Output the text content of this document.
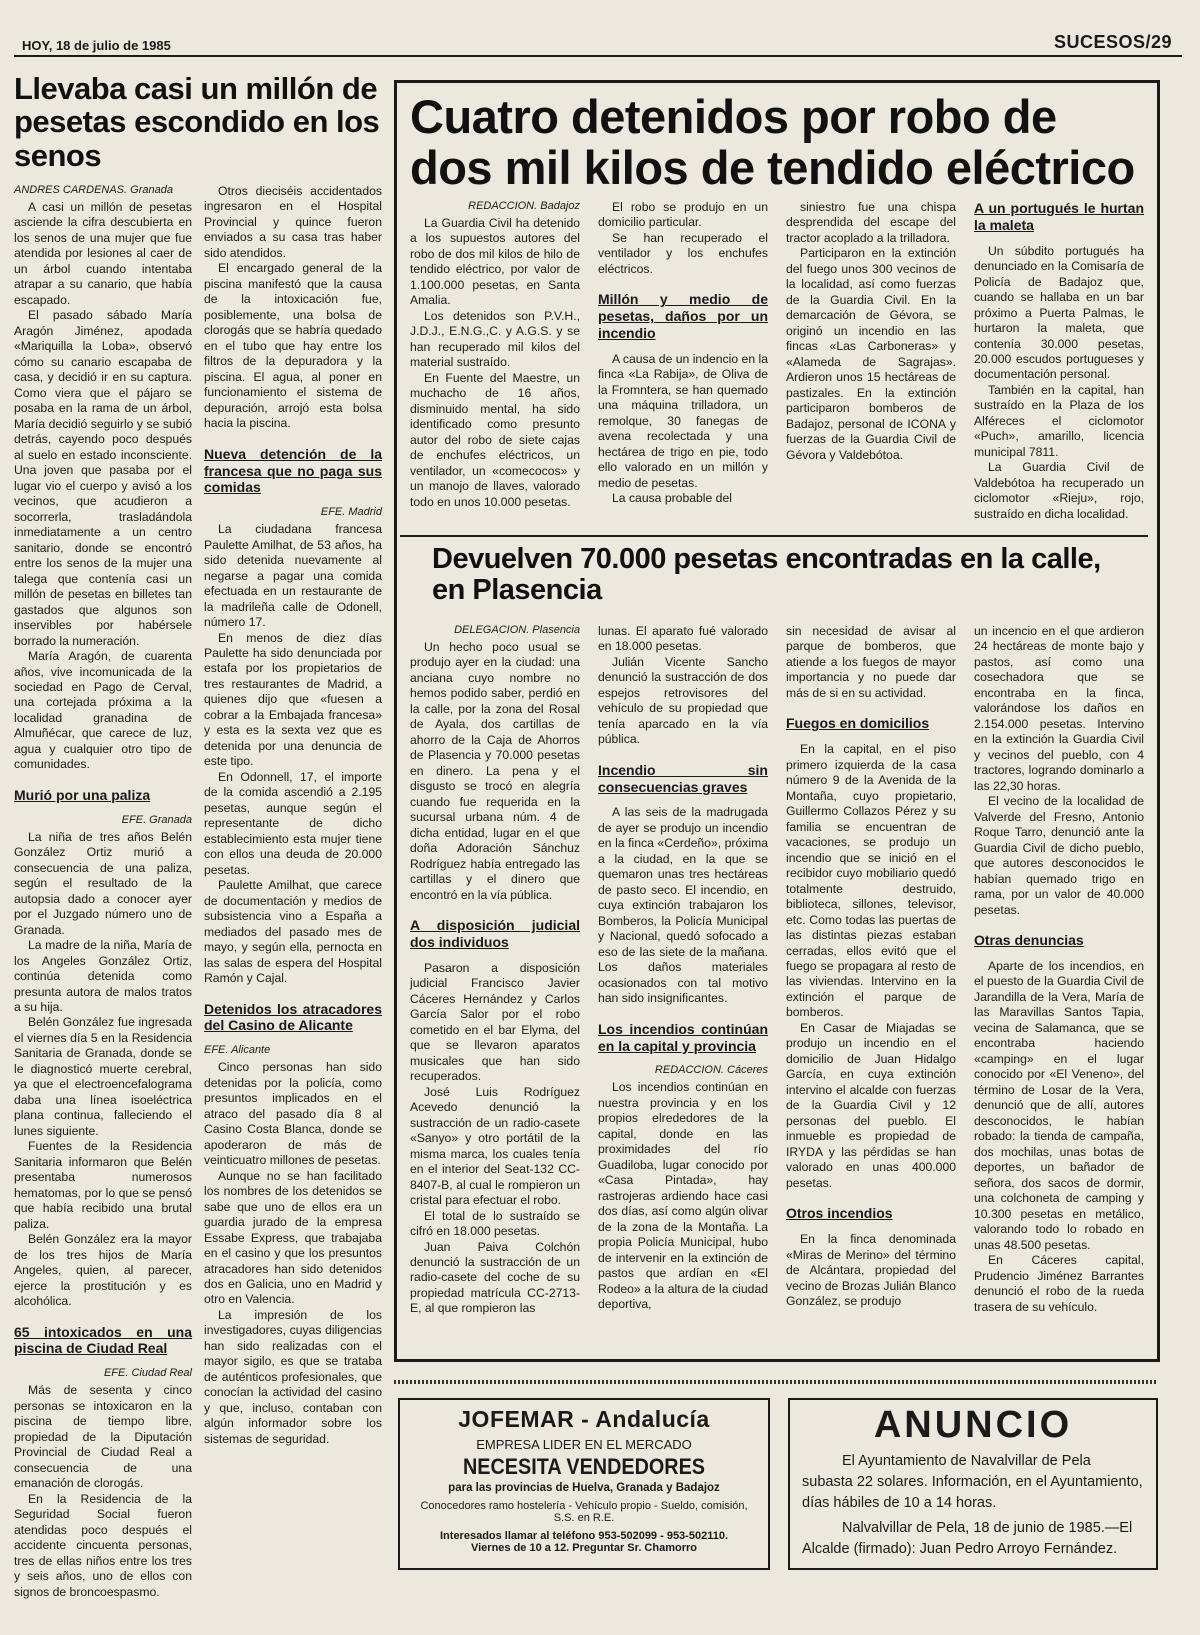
HOY, 18 de julio de 1985	SUCESOS/29
Llevaba casi un millón de pesetas escondido en los senos
ANDRES CARDENAS. Granada

A casi un millón de pesetas asciende la cifra descubierta en los senos de una mujer que fue atendida por lesiones al caer de un árbol cuando intentaba atrapar a su canario, que había escapado.

El pasado sábado María Aragón Jiménez, apodada «Mariquilla la Loba», observó cómo su canario escapaba de casa, y decidió ir en su captura. Como viera que el pájaro se posaba en la rama de un árbol, María decidió seguirlo y se subió detrás, cayendo poco después al suelo en estado inconsciente. Una joven que pasaba por el lugar vio el cuerpo y avisó a los vecinos, que acudieron a socorrerla, trasladándola inmediatamente a un centro sanitario, donde se encontró entre los senos de la mujer una talega que contenía casi un millón de pesetas en billetes tan gastados que algunos son inservibles por habérsele borrado la numeración.

María Aragón, de cuarenta años, vive incomunicada de la sociedad en Pago de Cerval, una cortejada próxima a la localidad granadina de Almuñécar, que carece de luz, agua y cualquier otro tipo de comunidades.

Murió por una paliza
EFE. Granada

La niña de tres años Belén González Ortiz murió a consecuencia de una paliza, según el resultado de la autopsia dado a conocer ayer por el Juzgado número uno de Granada.

La madre de la niña, María de los Angeles González Ortiz, continúa detenida como presunta autora de malos tratos a su hija.

Belén González fue ingresada el viernes día 5 en la Residencia Sanitaria de Granada, donde se le diagnosticó muerte cerebral, ya que el electroencefalograma daba una línea isoeléctrica plana continua, falleciendo el lunes siguiente.

Fuentes de la Residencia Sanitaria informaron que Belén presentaba numerosos hematomas, por lo que se pensó que había recibido una brutal paliza.

Belén González era la mayor de los tres hijos de María Angeles, quien, al parecer, ejerce la prostitución y es alcohólica.

65 intoxicados en una piscina de Ciudad Real
EFE. Ciudad Real

Más de sesenta y cinco personas se intoxicaron en la piscina de tiempo libre, propiedad de la Diputación Provincial de Ciudad Real a consecuencia de una emanación de clorogás.

En la Residencia de la Seguridad Social fueron atendidas poco después el accidente cincuenta personas, tres de ellas niños entre los tres y seis años, uno de ellos con signos de broncoespasmo.

Otros dieciséis accidentados ingresaron en el Hospital Provincial y quince fueron enviados a su casa tras haber sido atendidos.

El encargado general de la piscina manifestó que la causa de la intoxicación fue, posiblemente, una bolsa de clorogás que se habría quedado en el tubo que hay entre los filtros de la depuradora y la piscina. El agua, al poner en funcionamiento el sistema de depuración, arrojó esta bolsa hacia la piscina.

Nueva detención de la francesa que no paga sus comidas
EFE. Madrid

La ciudadana francesa Paulette Amilhat, de 53 años, ha sido detenida nuevamente al negarse a pagar una comida efectuada en un restaurante de la madrileña calle de Odonell, número 17.

En menos de diez días Paulette ha sido denunciada por estafa por los propietarios de tres restaurantes de Madrid, a quienes dijo que «fuesen a cobrar a la Embajada francesa» y esta es la sexta vez que es detenida por una denuncia de este tipo.

En Odonnell, 17, el importe de la comida ascendió a 2.195 pesetas, aunque según el representante de dicho establecimiento esta mujer tiene con ellos una deuda de 20.000 pesetas.

Paulette Amilhat, que carece de documentación y medios de subsistencia vino a España a mediados del pasado mes de mayo, y según ella, pernocta en las salas de espera del Hospital Ramón y Cajal.

Detenidos los atracadores del Casino de Alicante
EFE. Alicante

Cinco personas han sido detenidas por la policía, como presuntos implicados en el atraco del pasado día 8 al Casino Costa Blanca, donde se apoderaron de más de veinticuatro millones de pesetas.

Aunque no se han facilitado los nombres de los detenidos se sabe que uno de ellos era un guardia jurado de la empresa Essabe Express, que trabajaba en el casino y que los presuntos atracadores han sido detenidos dos en Galicia, uno en Madrid y otro en Valencia.

La impresión de los investigadores, cuyas diligencias han sido realizadas con el mayor sigilo, es que se trataba de auténticos profesionales, que conocían la actividad del casino y que, incluso, contaban con algún informador sobre los sistemas de seguridad.

Cuatro detenidos por robo de dos mil kilos de tendido eléctrico
REDACCION. Badajoz

La Guardia Civil ha detenido a los supuestos autores del robo de dos mil kilos de hilo de tendido eléctrico, por valor de 1.100.000 pesetas, en Santa Amalia.

Los detenidos son P.V.H., J.D.J., E.N.G.,C. y A.G.S. y se han recuperado mil kilos del material sustraído.

En Fuente del Maestre, un muchacho de 16 años, disminuido mental, ha sido identificado como presunto autor del robo de siete cajas de enchufes eléctricos, un ventilador, un «comecocos» y un manojo de llaves, valorado todo en unos 10.000 pesetas.

El robo se produjo en un domicilio particular.

Se han recuperado el ventilador y los enchufes eléctricos.

Millón y medio de pesetas, daños por un incendio

A causa de un indencio en la finca «La Rabija», de Oliva de la Fromntera, se han quemado una máquina trilladora, un remolque, 30 fanegas de avena recolectada y una hectárea de trigo en pie, todo ello valorado en un millón y medio de pesetas.

La causa probable del

siniestro fue una chispa desprendida del escape del tractor acoplado a la trilladora.

Participaron en la extinción del fuego unos 300 vecinos de la localidad, así como fuerzas de la Guardia Civil. En la demarcación de Gévora, se originó un incendio en las fincas «Las Carboneras» y «Alameda de Sagrajas». Ardieron unos 15 hectáreas de pastizales. En la extinción participaron bomberos de Badajoz, personal de ICONA y fuerzas de la Guardia Civil de Gévora y Valdebótoa.

A un portugués le hurtan la maleta

Un súbdito portugués ha denunciado en la Comisaría de Policía de Badajoz que, cuando se hallaba en un bar próximo a Puerta Palmas, le hurtaron la maleta, que contenía 30.000 pesetas, 20.000 escudos portugueses y documentación personal.

También en la capital, han sustraído en la Plaza de los Alféreces el ciclomotor «Puch», amarillo, licencia municipal 7811.

La Guardia Civil de Valdebótoa ha recuperado un ciclomotor «Rieju», rojo, sustraído en dicha localidad.

Devuelven 70.000 pesetas encontradas en la calle, en Plasencia
DELEGACION. Plasencia

Un hecho poco usual se produjo ayer en la ciudad: una anciana cuyo nombre no hemos podido saber, perdió en la calle, por la zona del Rosal de Ayala, dos cartillas de ahorro de la Caja de Ahorros de Plasencia y 70.000 pesetas en dinero. La pena y el disgusto se trocó en alegría cuando fue requerida en la sucursal urbana núm. 4 de dicha entidad, lugar en el que doña Adoración Sánchuz Rodríguez había entregado las cartillas y el dinero que encontró en la vía pública.

A disposición judicial dos individuos

Pasaron a disposición judicial Francisco Javier Cáceres Hernández y Carlos García Salor por el robo cometido en el bar Elyma, del que se llevaron aparatos musicales que han sido recuperados.

José Luis Rodríguez Acevedo denunció la sustracción de un radio-casete «Sanyo» y otro portátil de la misma marca, los cuales tenía en el interior del Seat-132 CC-8407-B, al cual le rompieron un cristal para efectuar el robo.

El total de lo sustraído se cifró en 18.000 pesetas.

Juan Paiva Colchón denunció la sustracción de un radio-casete del coche de su propiedad matrícula CC-2713-E, al que rompieron las

lunas. El aparato fué valorado en 18.000 pesetas.

Julián Vicente Sancho denunció la sustracción de dos espejos retrovisores del vehículo de su propiedad que tenía aparcado en la vía pública.

Incendio sin consecuencias graves

A las seis de la madrugada de ayer se produjo un incendio en la finca «Cerdeño», próxima a la ciudad, en la que se quemaron unas tres hectáreas de pasto seco. El incendio, en cuya extinción trabajaron los Bomberos, la Policía Municipal y Nacional, quedó sofocado a eso de las siete de la mañana. Los daños materiales ocasionados con tal motivo han sido insignificantes.

Los incendios continúan en la capital y provincia
REDACCION. Cáceres

Los incendios continúan en nuestra provincia y en los propios elrededores de la capital, donde en las proximidades del río Guadiloba, lugar conocido por «Casa Pintada», hay rastrojeras ardiendo hace casi dos días, así como algún olivar de la zona de la Montaña. La propia Policía Municipal, hubo de intervenir en la extinción de pastos que ardían en «El Rodeo» a la altura de la ciudad deportiva,

sin necesidad de avisar al parque de bomberos, que atiende a los fuegos de mayor importancia y no puede dar más de si en su actividad.

Fuegos en domicilios

En la capital, en el piso primero izquierda de la casa número 9 de la Avenida de la Montaña, cuyo propietario, Guillermo Collazos Pérez y su familia se encuentran de vacaciones, se produjo un incendio que se inició en el recibidor cuyo mobiliario quedó totalmente destruido, biblioteca, sillones, televisor, etc. Como todas las puertas de las distintas piezas estaban cerradas, ellos evitó que el fuego se propagara al resto de las viviendas. Intervino en la extinción el parque de bomberos.

En Casar de Miajadas se produjo un incendio en el domicilio de Juan Hidalgo García, en cuya extinción intervino el alcalde con fuerzas de la Guardia Civil y 12 personas del pueblo. El inmueble es propiedad de IRYDA y las pérdidas se han valorado en unas 400.000 pesetas.

Otros incendios

En la finca denominada «Miras de Merino» del término de Alcántara, propiedad del vecino de Brozas Julián Blanco González, se produjo

un incencio en el que ardieron 24 hectáreas de monte bajo y pastos, así como una cosechadora que se encontraba en la finca, valorándose los daños en 2.154.000 pesetas. Intervino en la extinción la Guardia Civil y vecinos del pueblo, con 4 tractores, logrando dominarlo a las 22,30 horas.

El vecino de la localidad de Valverde del Fresno, Antonio Roque Tarro, denunció ante la Guardia Civil de dicho pueblo, que autores desconocidos le habían quemado trigo en rama, por un valor de 40.000 pesetas.

Otras denuncias

Aparte de los incendios, en el puesto de la Guardia Civil de Jarandilla de la Vera, María de las Maravillas Santos Tapia, vecina de Salamanca, que se encontraba haciendo «camping» en el lugar conocido por «El Veneno», del término de Losar de la Vera, denunció que de allí, autores desconocidos, le habían robado: la tienda de campaña, dos mochilas, unas botas de deportes, un bañador de señora, dos sacos de dormir, una colchoneta de camping y 10.300 pesetas en metálico, valorando todo lo robado en unas 48.500 pesetas.

En Cáceres capital, Prudencio Jiménez Barrantes denunció el robo de la rueda trasera de su vehículo.

JOFEMAR - Andalucía
EMPRESA LIDER EN EL MERCADO
NECESITA VENDEDORES
para las provincias de Huelva, Granada y Badajoz
Conocedores ramo hostelería - Vehículo propio - Sueldo, comisión, S.S. en R.E.
Interesados llamar al teléfono 953-502099 - 953-502110.
Viernes de 10 a 12. Preguntar Sr. Chamorro
ANUNCIO
El Ayuntamiento de Navalvillar de Pela subasta 22 solares. Información, en el Ayuntamiento, días hábiles de 10 a 14 horas.
Nalvalvillar de Pela, 18 de junio de 1985.—El Alcalde (firmado): Juan Pedro Arroyo Fernández.
